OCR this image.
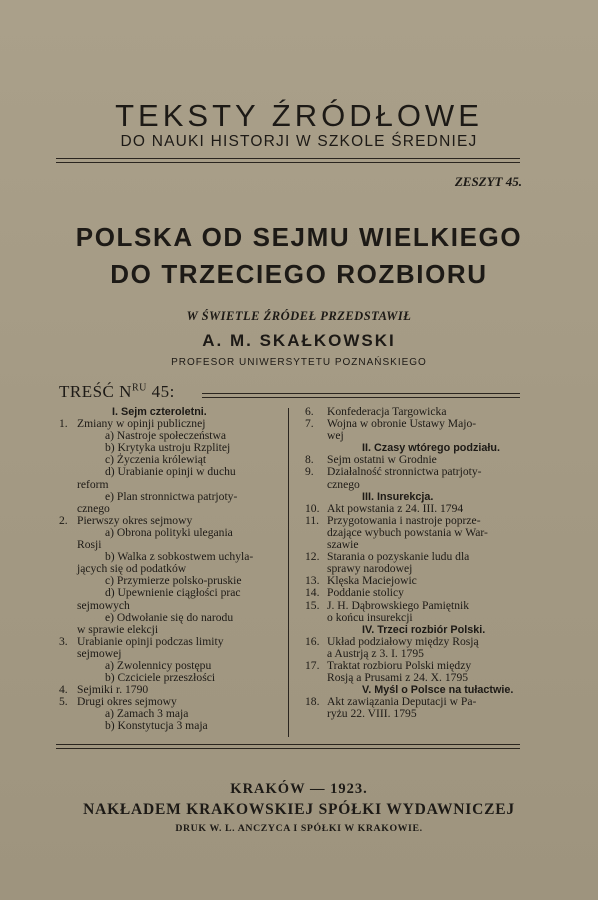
TEKSTY ŹRÓDŁOWE
DO NAUKI HISTORJI W SZKOLE ŚREDNIEJ
ZESZYT 45.
POLSKA OD SEJMU WIELKIEGO
DO TRZECIEGO ROZBIORU
W ŚWIETLE ŹRÓDEŁ PRZEDSTAWIŁ
A. M. SKAŁKOWSKI
PROFESOR UNIWERSYTETU POZNAŃSKIEGO
TREŚĆ $N^{RU}$ 45:
I. Sejm czteroletni.
1. Zmiany w opinji publicznej
a) Nastroje społeczeństwa
b) Krytyka ustroju Rzplitej
c) Życzenia królewiąt
d) Urabianie opinji w duchu
reform
e) Plan stronnictwa patrjoty-
cznego
2. Pierwszy okres sejmowy
a) Obrona polityki ulegania
Rosji
b) Walka z sobkostwem uchyla-
jących się od podatków
c) Przymierze polsko-pruskie
d) Upewnienie ciągłości prac
sejmowych
e) Odwołanie się do narodu
w sprawie elekcji
3. Urabianie opinji podczas limity
sejmowej
a) Zwolennicy postępu
b) Czciciele przeszłości
4. Sejmiki r. 1790
5. Drugi okres sejmowy
a) Zamach 3 maja
b) Konstytucja 3 maja
6.	Konfederacja Targowicka
7.	Wojna w obronie Ustawy Majo-
wej
II. Czasy wtórego podziału.
8.	Sejm ostatni w Grodnie
9.	Działalność stronnictwa patrjoty-
cznego
III. Insurekcja.
10. Akt powstania z 24. III. 1794
11. Przygotowania i nastroje poprze-
dzające wybuch powstania w War-
szawie
12. Starania o pozyskanie ludu dla
sprawy narodowej
13. Klęska Maciejowic
14. Poddanie stolicy
15. J. H. Dąbrowskiego Pamiętnik
o końcu insurekcji
IV. Trzeci rozbiór Polski.
16. Układ podziałowy między Rosją
a Austrją z 3. I. 1795
17. Traktat rozbioru Polski między
Rosją a Prusami z 24. X. 1795
V. Myśl o Polsce na tułactwie.
18. Akt zawiązania Deputacji w Pa-
ryżu 22. VIII. 1795
KRAKÓW — 1923.
NAKŁADEM KRAKOWSKIEJ SPÓŁKI WYDAWNICZEJ
DRUK W. L. ANCZYCA I SPÓŁKI W KRAKOWIE.
